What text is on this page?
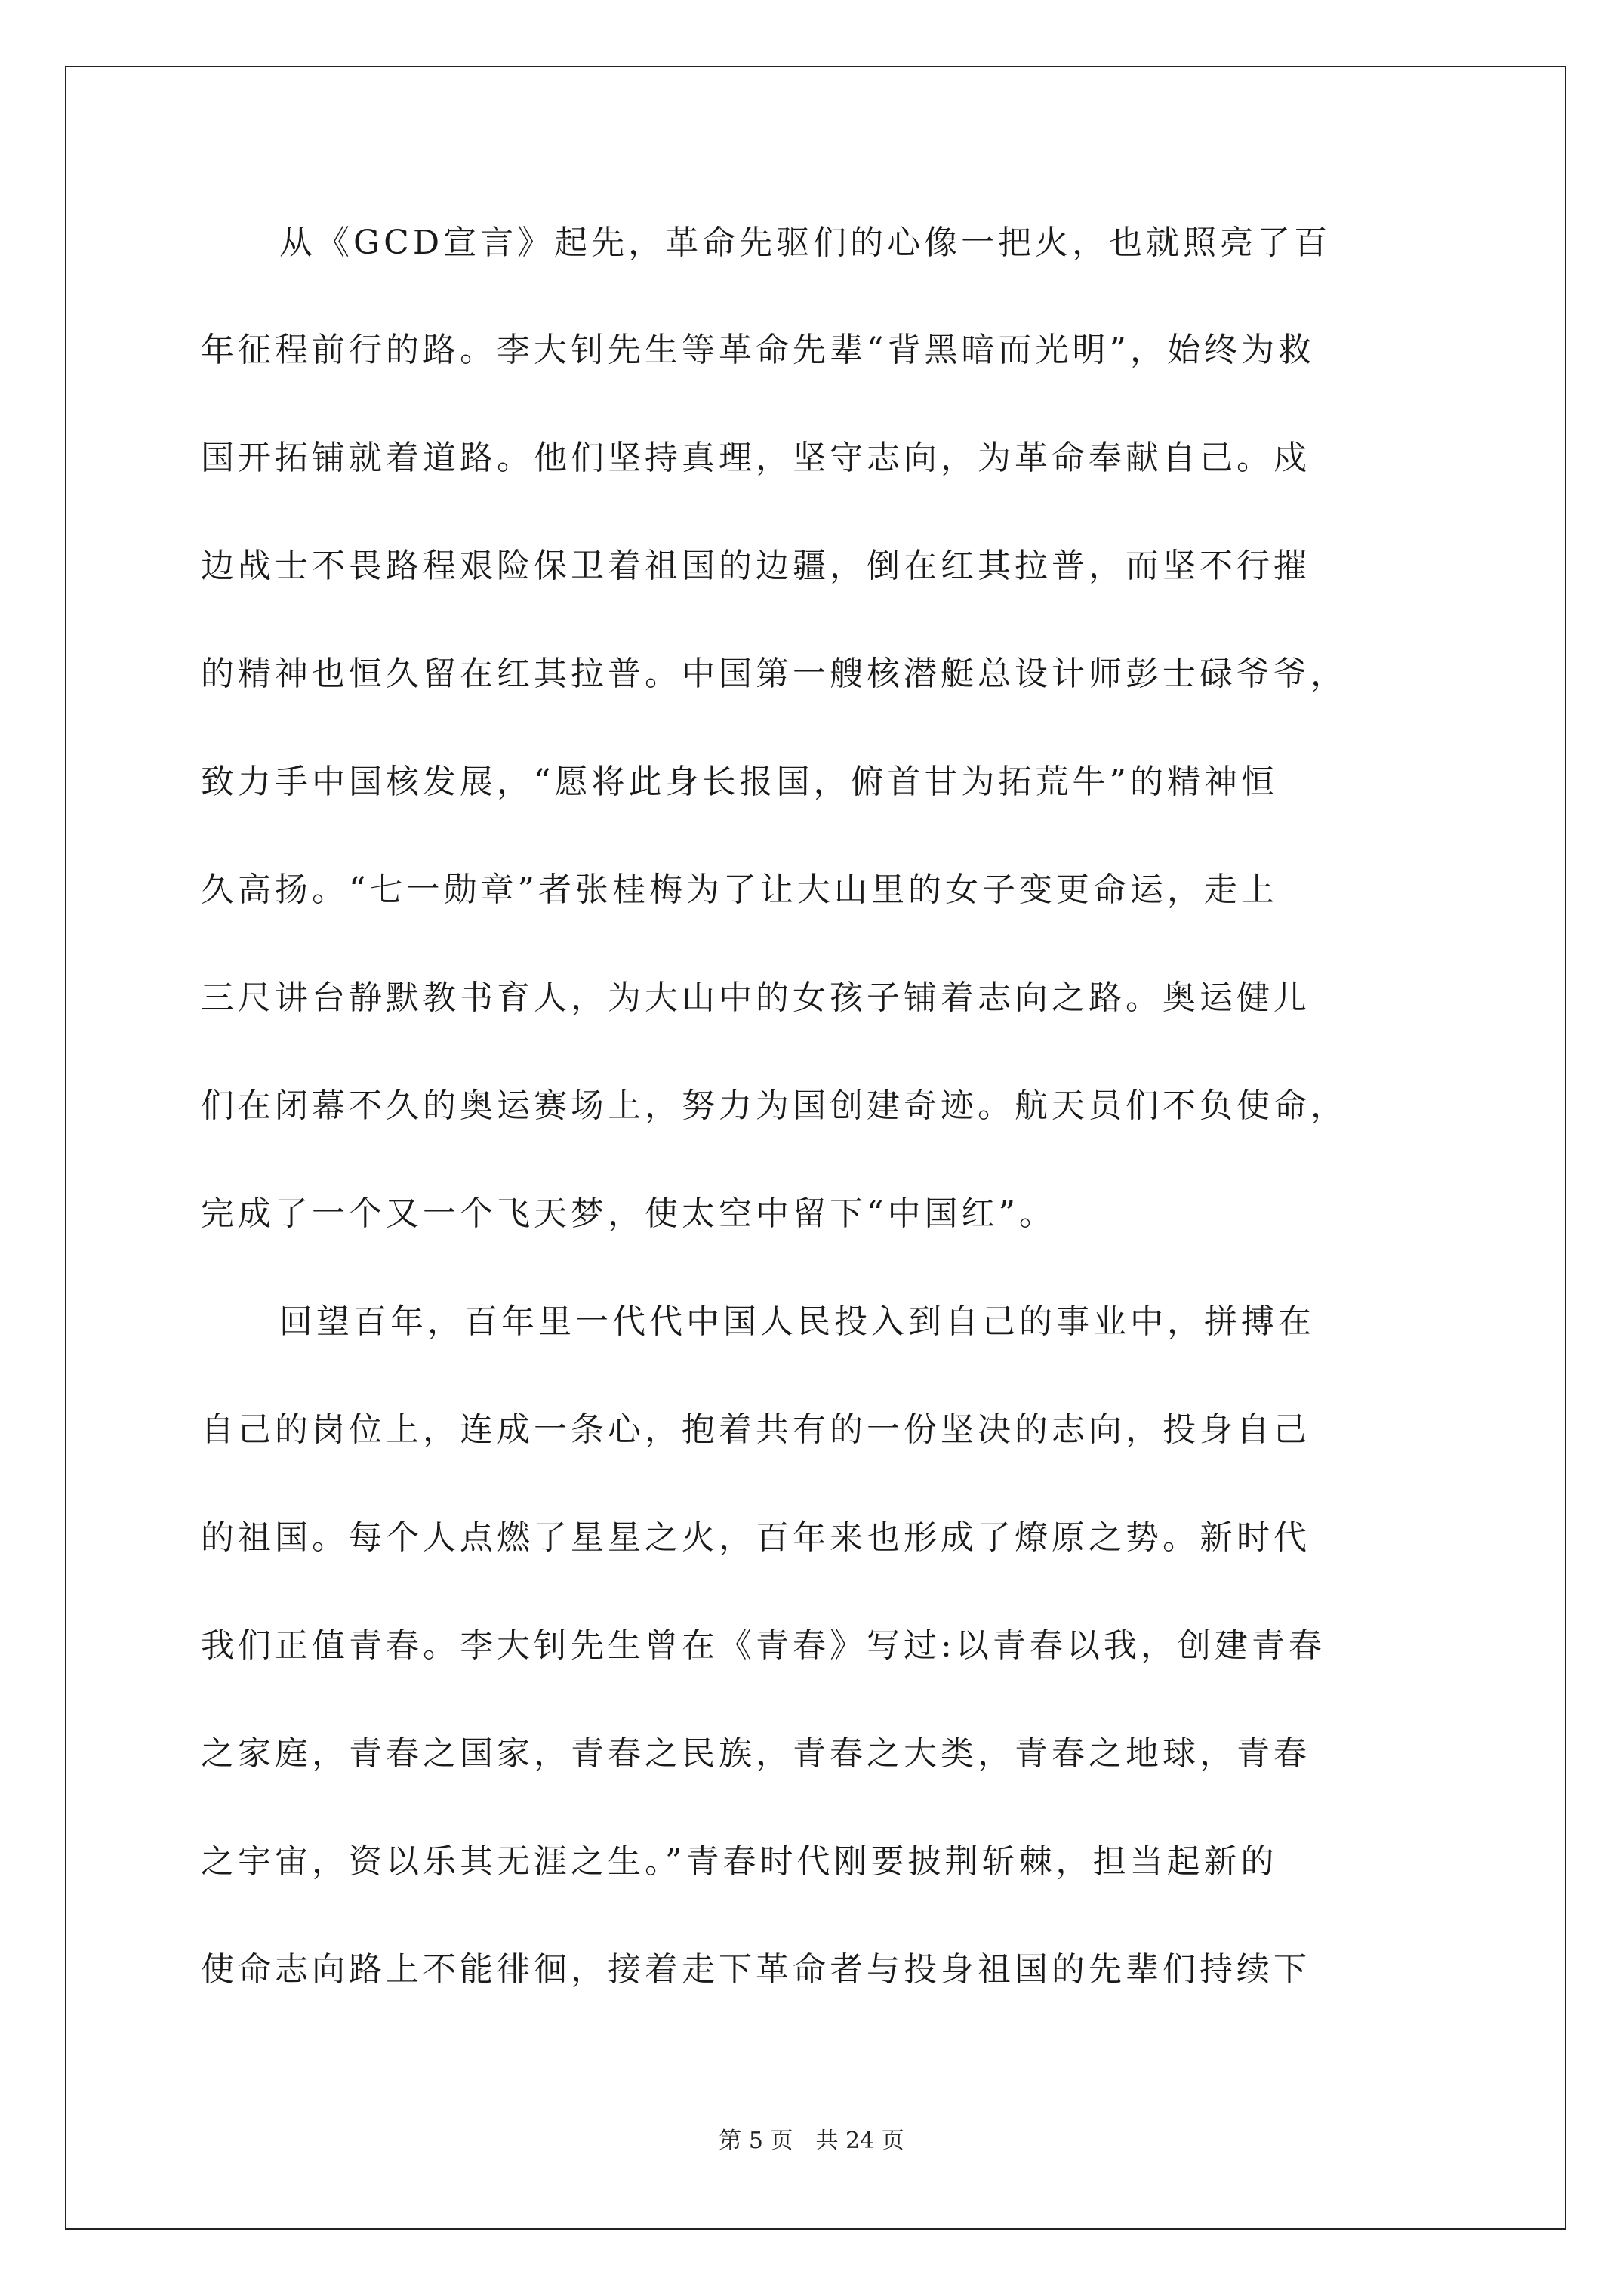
从《GCD宣言》起先，革命先驱们的心像一把火，也就照亮了百
年征程前行的路。李大钊先生等革命先辈“背黑暗而光明”，始终为救
国开拓铺就着道路。他们坚持真理，坚守志向，为革命奉献自己。戍
边战士不畏路程艰险保卫着祖国的边疆，倒在红其拉普，而坚不行摧
的精神也恒久留在红其拉普。中国第一艘核潜艇总设计师彭士碌爷爷，
致力手中国核发展，“愿将此身长报国，俯首甘为拓荒牛”的精神恒
久高扬。“七一勋章”者张桂梅为了让大山里的女子变更命运，走上
三尺讲台静默教书育人，为大山中的女孩子铺着志向之路。奥运健儿
们在闭幕不久的奥运赛场上，努力为国创建奇迹。航天员们不负使命，
完成了一个又一个飞天梦，使太空中留下“中国红”。
回望百年，百年里一代代中国人民投入到自己的事业中，拼搏在
自己的岗位上，连成一条心，抱着共有的一份坚决的志向，投身自己
的祖国。每个人点燃了星星之火，百年来也形成了燎原之势。新时代
我们正值青春。李大钊先生曾在《青春》写过:以青春以我，创建青春
之家庭，青春之国家，青春之民族，青春之大类，青春之地球，青春
之宇宙，资以乐其无涯之生。”青春时代刚要披荆斩棘，担当起新的
使命志向路上不能徘徊，接着走下革命者与投身祖国的先辈们持续下
第 5 页 共 24 页
